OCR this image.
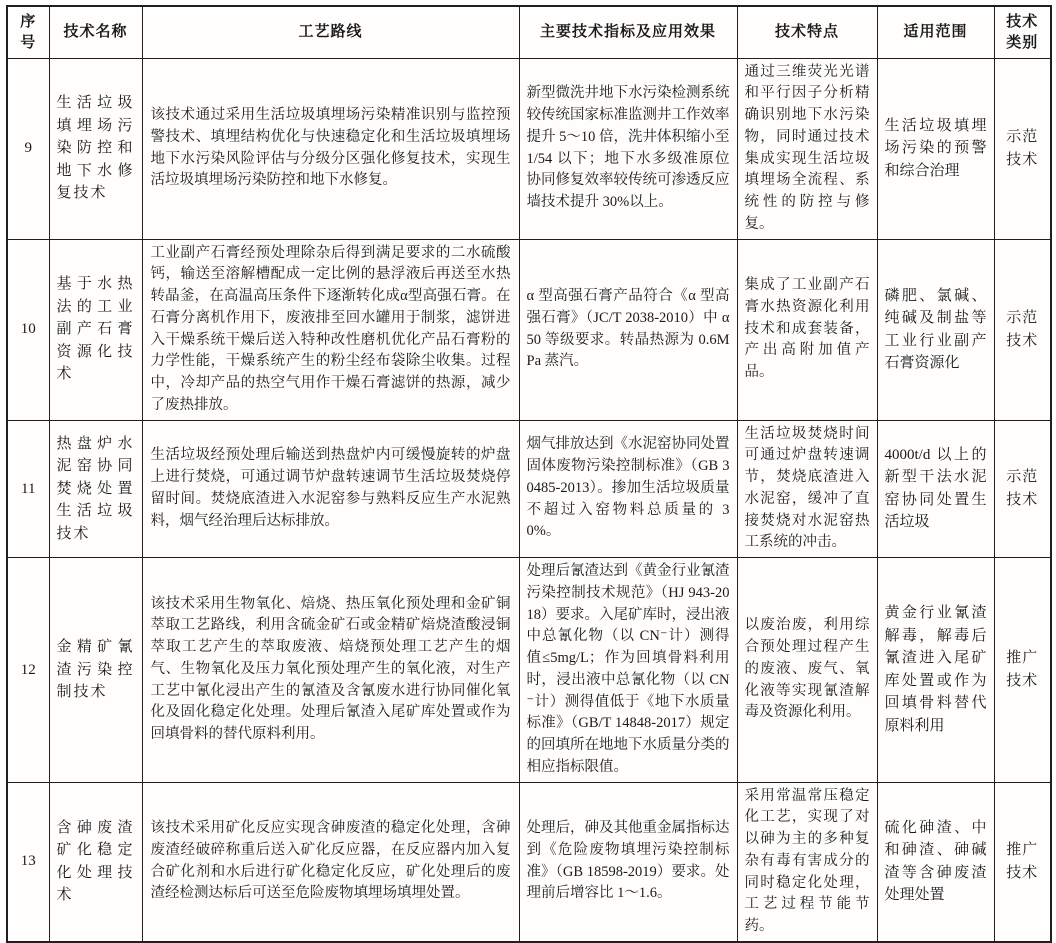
序号	技术名称	工艺路线	主要技术指标及应用效果	技术特点	适用范围	技术类别
9	生活垃圾填埋场污染防控和地下水修复技术	该技术通过采用生活垃圾填埋场污染精准识别与监控预警技术、填埋结构优化与快速稳定化和生活垃圾填埋场地下水污染风险评估与分级分区强化修复技术，实现生活垃圾填埋场污染防控和地下水修复。	新型微洗井地下水污染检测系统较传统国家标准监测井工作效率提升 5～10 倍，洗井体积缩小至 1/54 以下；地下水多级准原位协同修复效率较传统可渗透反应墙技术提升 30%以上。	通过三维荧光光谱和平行因子分析精确识别地下水污染物，同时通过技术集成实现生活垃圾填埋场全流程、系统性的防控与修复。	生活垃圾填埋场污染的预警和综合治理	示范技术
10	基于水热法的工业副产石膏资源化技术	工业副产石膏经预处理除杂后得到满足要求的二水硫酸钙，输送至溶解槽配成一定比例的悬浮液后再送至水热转晶釜，在高温高压条件下逐渐转化成α型高强石膏。在石膏分离机作用下，废液排至回水罐用于制浆，滤饼进入干燥系统干燥后送入特种改性磨机优化产品石膏粉的力学性能，干燥系统产生的粉尘经布袋除尘收集。过程中，冷却产品的热空气用作干燥石膏滤饼的热源，减少了废热排放。	α 型高强石膏产品符合《α 型高强石膏》（JC/T 2038-2010）中 α 50 等级要求。转晶热源为 0.6MPa 蒸汽。	集成了工业副产石膏水热资源化利用技术和成套装备，产出高附加值产品。	磷肥、氯碱、纯碱及制盐等工业行业副产石膏资源化	示范技术
11	热盘炉水泥窑协同焚烧处置生活垃圾技术	生活垃圾经预处理后输送到热盘炉内可缓慢旋转的炉盘上进行焚烧，可通过调节炉盘转速调节生活垃圾焚烧停留时间。焚烧底渣进入水泥窑参与熟料反应生产水泥熟料，烟气经治理后达标排放。	烟气排放达到《水泥窑协同处置固体废物污染控制标准》（GB 30485-2013）。掺加生活垃圾质量不超过入窑物料总质量的 30%。	生活垃圾焚烧时间可通过炉盘转速调节，焚烧底渣进入水泥窑，缓冲了直接焚烧对水泥窑热工系统的冲击。	4000t/d 以上的新型干法水泥窑协同处置生活垃圾	示范技术
12	金精矿氰渣污染控制技术	该技术采用生物氧化、焙烧、热压氧化预处理和金矿铜萃取工艺路线，利用含硫金矿石或金精矿焙烧渣酸浸铜萃取工艺产生的萃取废液、焙烧预处理工艺产生的烟气、生物氧化及压力氧化预处理产生的氧化液，对生产工艺中氰化浸出产生的氰渣及含氰废水进行协同催化氧化及固化稳定化处理。处理后氰渣入尾矿库处置或作为回填骨料的替代原料利用。	处理后氰渣达到《黄金行业氰渣污染控制技术规范》（HJ 943-2018）要求。入尾矿库时，浸出液中总氰化物（以 CN⁻计）测得值≤5mg/L；作为回填骨料利用时，浸出液中总氰化物（以 CN⁻计）测得值低于《地下水质量标准》（GB/T 14848-2017）规定的回填所在地地下水质量分类的相应指标限值。	以废治废，利用综合预处理过程产生的废液、废气、氧化液等实现氰渣解毒及资源化利用。	黄金行业氰渣解毒，解毒后氰渣进入尾矿库处置或作为回填骨料替代原料利用	推广技术
13	含砷废渣矿化稳定化处理技术	该技术采用矿化反应实现含砷废渣的稳定化处理，含砷废渣经破碎称重后送入矿化反应器，在反应器内加入复合矿化剂和水后进行矿化稳定化反应，矿化处理后的废渣经检测达标后可送至危险废物填埋场填埋处置。	处理后，砷及其他重金属指标达到《危险废物填埋污染控制标准》（GB 18598-2019）要求。处理前后增容比 1～1.6。	采用常温常压稳定化工艺，实现了对以砷为主的多种复杂有毒有害成分的同时稳定化处理，工艺过程节能节药。	硫化砷渣、中和砷渣、砷碱渣等含砷废渣处理处置	推广技术
